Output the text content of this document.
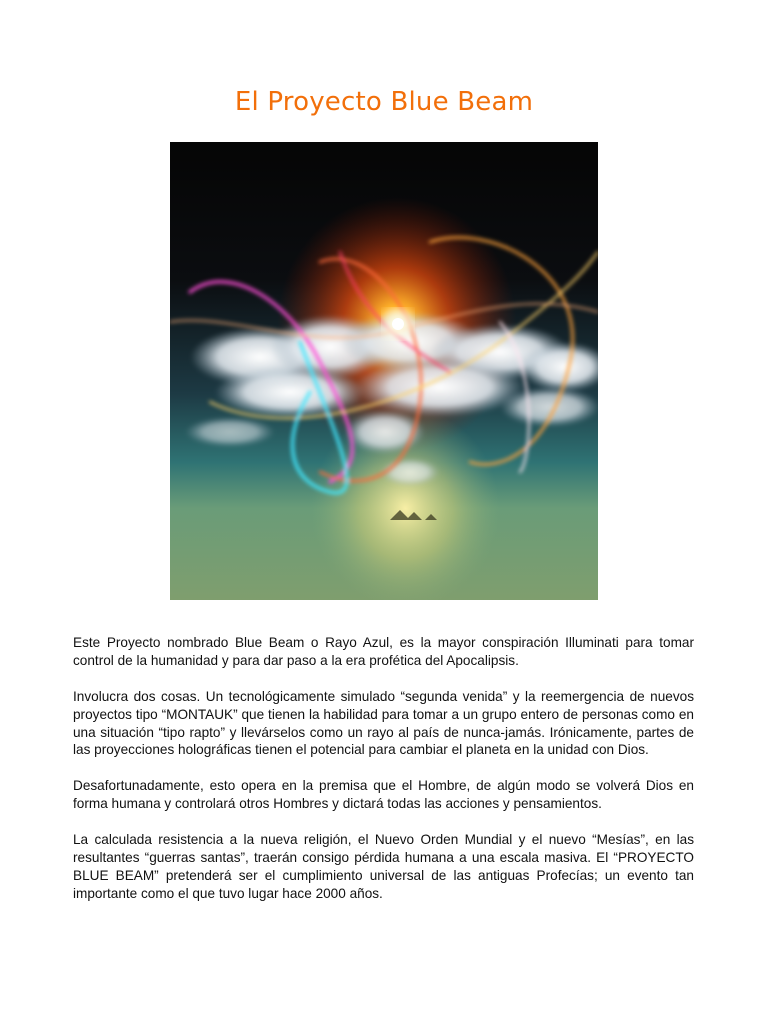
El Proyecto Blue Beam

Este Proyecto nombrado Blue Beam o Rayo Azul, es la mayor conspiración Illuminati para tomar control de la humanidad y para dar paso a la era profética del Apocalipsis.

Involucra dos cosas. Un tecnológicamente simulado “segunda venida” y la reemergencia de nuevos proyectos tipo “MONTAUK” que tienen la habilidad para tomar a un grupo entero de personas como en una situación “tipo rapto” y llevárselos como un rayo al país de nunca-jamás. Irónicamente, partes de las proyecciones holográficas tienen el potencial para cambiar el planeta en la unidad con Dios.

Desafortunadamente, esto opera en la premisa que el Hombre, de algún modo se volverá Dios en forma humana y controlará otros Hombres y dictará todas las acciones y pensamientos.

La calculada resistencia a la nueva religión, el Nuevo Orden Mundial y el nuevo “Mesías”, en las resultantes “guerras santas”, traerán consigo pérdida humana a una escala masiva. El “PROYECTO BLUE BEAM” pretenderá ser el cumplimiento universal de las antiguas Profecías; un evento tan importante como el que tuvo lugar hace 2000 años.
